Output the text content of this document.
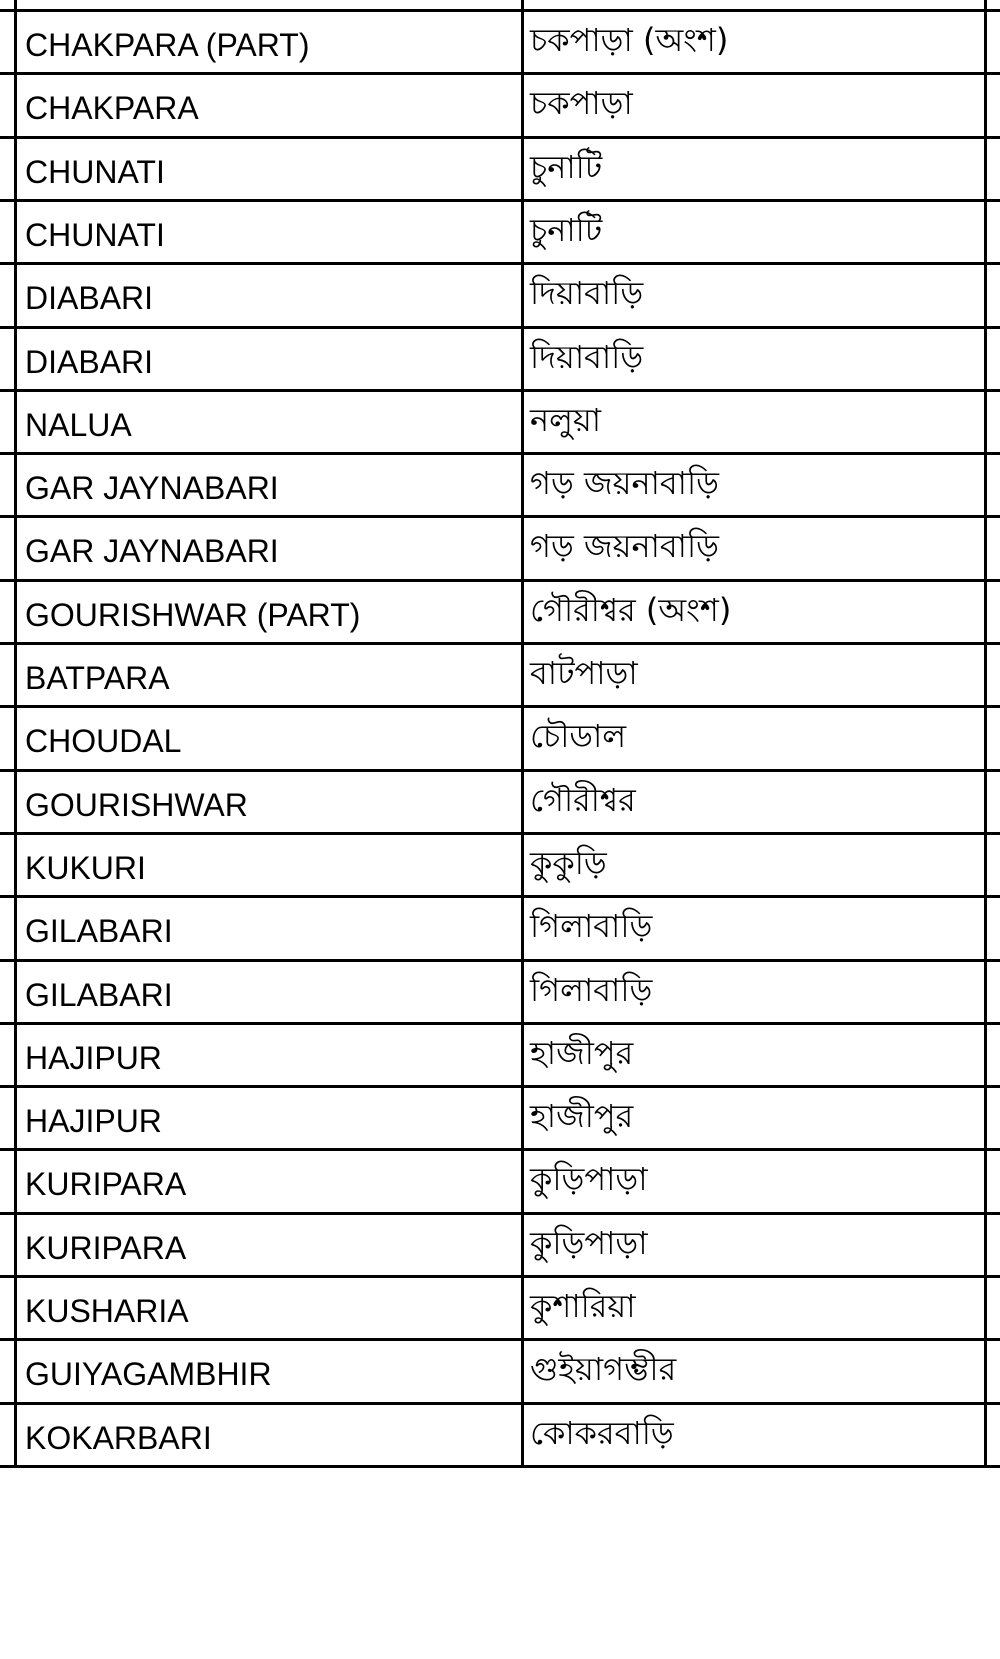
CHAKPARA (PART)	চকপাড়া (অংশ)
CHAKPARA	চকপাড়া
CHUNATI	চুনাটি
CHUNATI	চুনাটি
DIABARI	দিয়াবাড়ি
DIABARI	দিয়াবাড়ি
NALUA	নলুয়া
GAR JAYNABARI	গড় জয়নাবাড়ি
GAR JAYNABARI	গড় জয়নাবাড়ি
GOURISHWAR (PART)	গৌরীশ্বর (অংশ)
BATPARA	বাটপাড়া
CHOUDAL	চৌডাল
GOURISHWAR	গৌরীশ্বর
KUKURI	কুকুড়ি
GILABARI	গিলাবাড়ি
GILABARI	গিলাবাড়ি
HAJIPUR	হাজীপুর
HAJIPUR	হাজীপুর
KURIPARA	কুড়িপাড়া
KURIPARA	কুড়িপাড়া
KUSHARIA	কুশারিয়া
GUIYAGAMBHIR	গুইয়াগম্ভীর
KOKARBARI	কোকরবাড়ি
